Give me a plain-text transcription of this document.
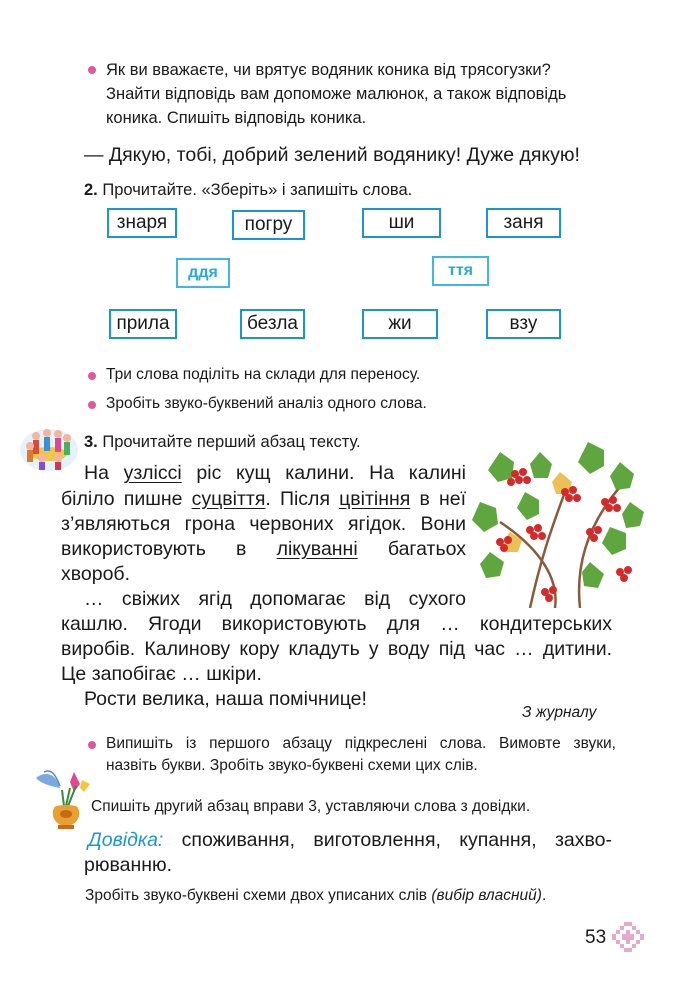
Як ви вважаєте, чи врятує водяник коника від трясогузки?
Знайти відповідь вам допоможе малюнок, а також відповідь
коника. Спишіть відповідь коника.
— Дякую, тобі, добрий зелений водянику! Дуже дякую!
2. Прочитайте. «Зберіть» і запишіть слова.
знаря	погру	ши	заня
ддя	ття
прила	безла	жи	взу
Три слова поділіть на склади для переносу.
Зробіть звуко-буквений аналіз одного слова.
3. Прочитайте перший абзац тексту.
На узліссі ріс кущ калини. На калині
біліло пишне суцвіття. Після цвітіння в неї
з’являються грона червоних ягідок. Вони
використовують в лікуванні багатьох
хвороб.
… свіжих ягід допомагає від сухого
кашлю. Ягоди використовують для … кондитерських
виробів. Калинову кору кладуть у воду під час … дитини.
Це запобігає … шкіри.
Рости велика, наша помічнице!
З журналу
Випишіть із першого абзацу підкреслені слова. Вимовте звуки,
назвіть букви. Зробіть звуко-буквені схеми цих слів.
Спишіть другий абзац вправи 3, уставляючи слова з довідки.
Довідка: споживання, виготовлення, купання, захво-
рюванню.
Зробіть звуко-буквені схеми двох уписаних слів (вибір власний).
53
